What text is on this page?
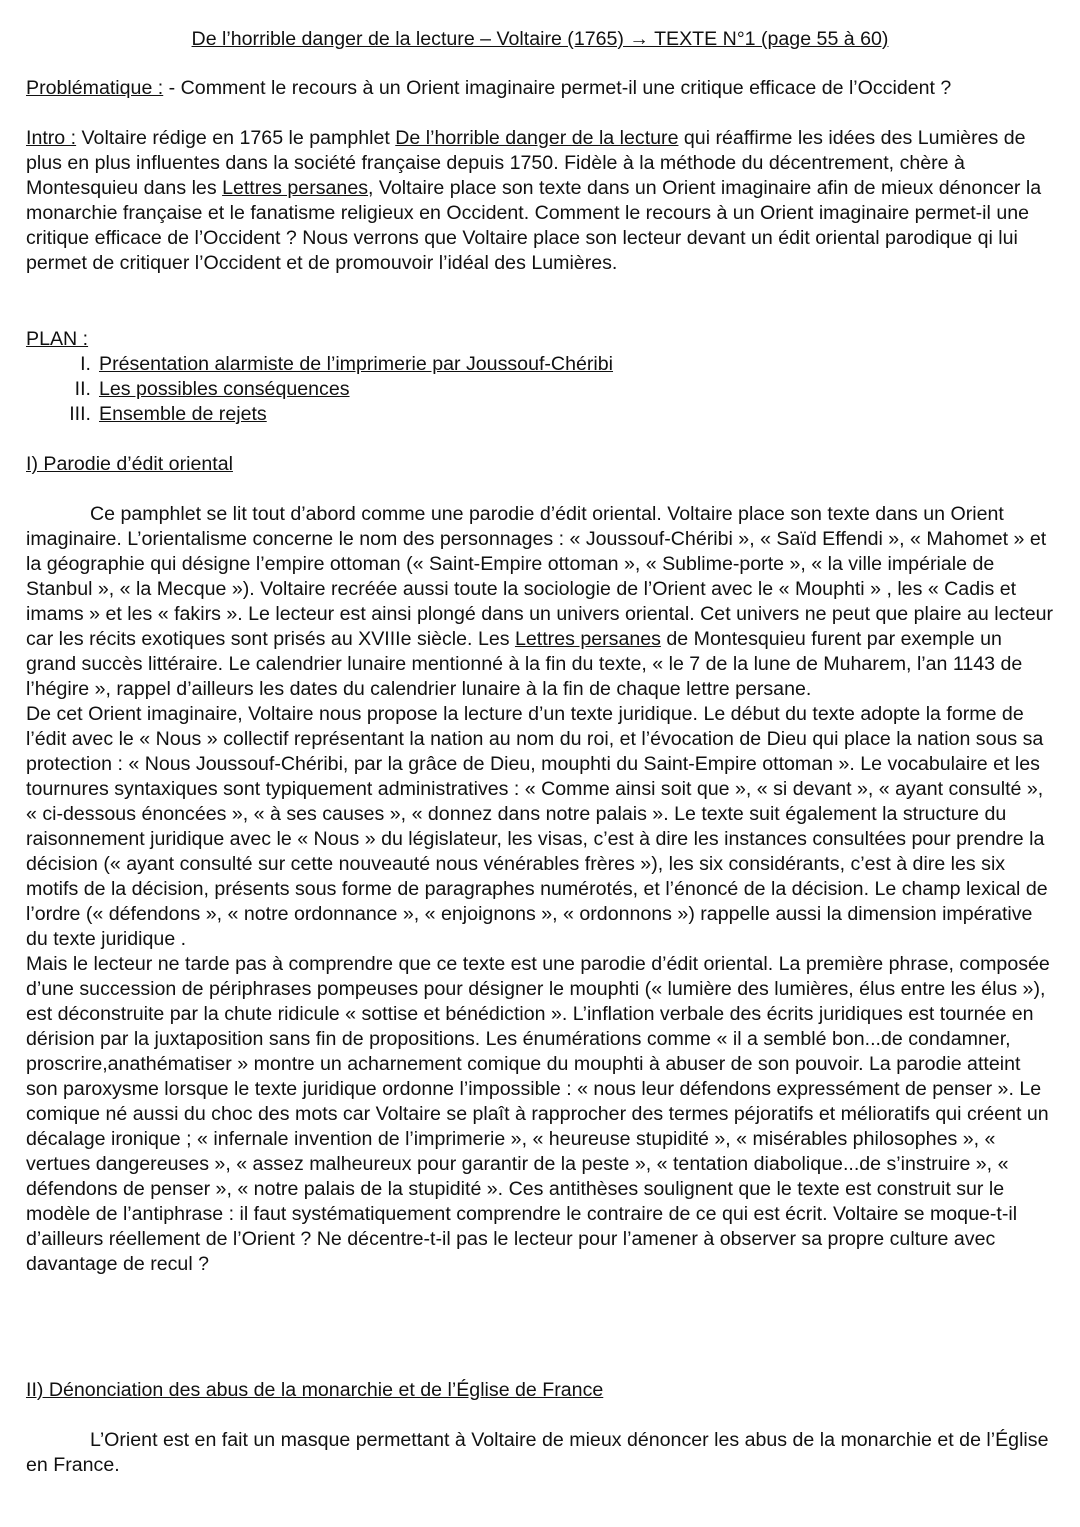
De l’horrible danger de la lecture – Voltaire (1765) → TEXTE N°1 (page 55 à 60)
Problématique : - Comment le recours à un Orient imaginaire permet-il une critique efficace de l’Occident ?
Intro : Voltaire rédige en 1765 le pamphlet De l’horrible danger de la lecture qui réaffirme les idées des Lumières de plus en plus influentes dans la société française depuis 1750. Fidèle à la méthode du décentrement, chère à Montesquieu dans les Lettres persanes, Voltaire place son texte dans un Orient imaginaire afin de mieux dénoncer la monarchie française et le fanatisme religieux en Occident. Comment le recours à un Orient imaginaire permet-il une critique efficace de l’Occident ? Nous verrons que Voltaire place son lecteur devant un édit oriental parodique qi lui permet de critiquer l’Occident et de promouvoir l’idéal des Lumières.
PLAN :
I. Présentation alarmiste de l’imprimerie par Joussouf-Chéribi
II. Les possibles conséquences
III. Ensemble de rejets
I) Parodie d’édit oriental

Ce pamphlet se lit tout d’abord comme une parodie d’édit oriental. Voltaire place son texte dans un Orient imaginaire. L’orientalisme concerne le nom des personnages : « Joussouf-Chéribi », « Saïd Effendi », « Mahomet » et la géographie qui désigne l’empire ottoman (« Saint-Empire ottoman », « Sublime-porte », « la ville impériale de Stanbul », « la Mecque »). Voltaire recréée aussi toute la sociologie de l’Orient avec le « Mouphti » , les « Cadis et imams » et les « fakirs ». Le lecteur est ainsi plongé dans un univers oriental. Cet univers ne peut que plaire au lecteur car les récits exotiques sont prisés au XVIIIe siècle. Les Lettres persanes de Montesquieu furent par exemple un grand succès littéraire. Le calendrier lunaire mentionné à la fin du texte, « le 7 de la lune de Muharem, l’an 1143 de l’hégire », rappel d’ailleurs les dates du calendrier lunaire à la fin de chaque lettre persane.

De cet Orient imaginaire, Voltaire nous propose la lecture d’un texte juridique. Le début du texte adopte la forme de l’édit avec le « Nous » collectif représentant la nation au nom du roi, et l’évocation de Dieu qui place la nation sous sa protection : « Nous Joussouf-Chéribi, par la grâce de Dieu, mouphti du Saint-Empire ottoman ». Le vocabulaire et les tournures syntaxiques sont typiquement administratives : « Comme ainsi soit que », « si devant », « ayant consulté », « ci-dessous énoncées », « à ses causes », « donnez dans notre palais ». Le texte suit également la structure du raisonnement juridique avec le « Nous » du législateur, les visas, c’est à dire les instances consultées pour prendre la décision (« ayant consulté sur cette nouveauté nous vénérables frères »), les six considérants, c’est à dire les six motifs de la décision, présents sous forme de paragraphes numérotés, et l’énoncé de la décision. Le champ lexical de l’ordre (« défendons », « notre ordonnance », « enjoignons », « ordonnons ») rappelle aussi la dimension impérative du texte juridique .

Mais le lecteur ne tarde pas à comprendre que ce texte est une parodie d’édit oriental. La première phrase, composée d’une succession de périphrases pompeuses pour désigner le mouphti (« lumière des lumières, élus entre les élus »), est déconstruite par la chute ridicule « sottise et bénédiction ». L’inflation verbale des écrits juridiques est tournée en dérision par la juxtaposition sans fin de propositions. Les énumérations comme « il a semblé bon...de condamner, proscrire,anathématiser » montre un acharnement comique du mouphti à abuser de son pouvoir. La parodie atteint son paroxysme lorsque le texte juridique ordonne l’impossible : « nous leur défendons expressément de penser ». Le comique né aussi du choc des mots car Voltaire se plaît à rapprocher des termes péjoratifs et mélioratifs qui créent un décalage ironique ; « infernale invention de l’imprimerie », « heureuse stupidité », « misérables philosophes », « vertues dangereuses », « assez malheureux pour garantir de la peste », « tentation diabolique...de s’instruire », « défendons de penser », « notre palais de la stupidité ». Ces antithèses soulignent que le texte est construit sur le modèle de l’antiphrase : il faut systématiquement comprendre le contraire de ce qui est écrit. Voltaire se moque-t-il d’ailleurs réellement de l’Orient ? Ne décentre-t-il pas le lecteur pour l’amener à observer sa propre culture avec davantage de recul ?

II) Dénonciation des abus de la monarchie et de l’Église de France

L’Orient est en fait un masque permettant à Voltaire de mieux dénoncer les abus de la monarchie et de l’Église en France.
